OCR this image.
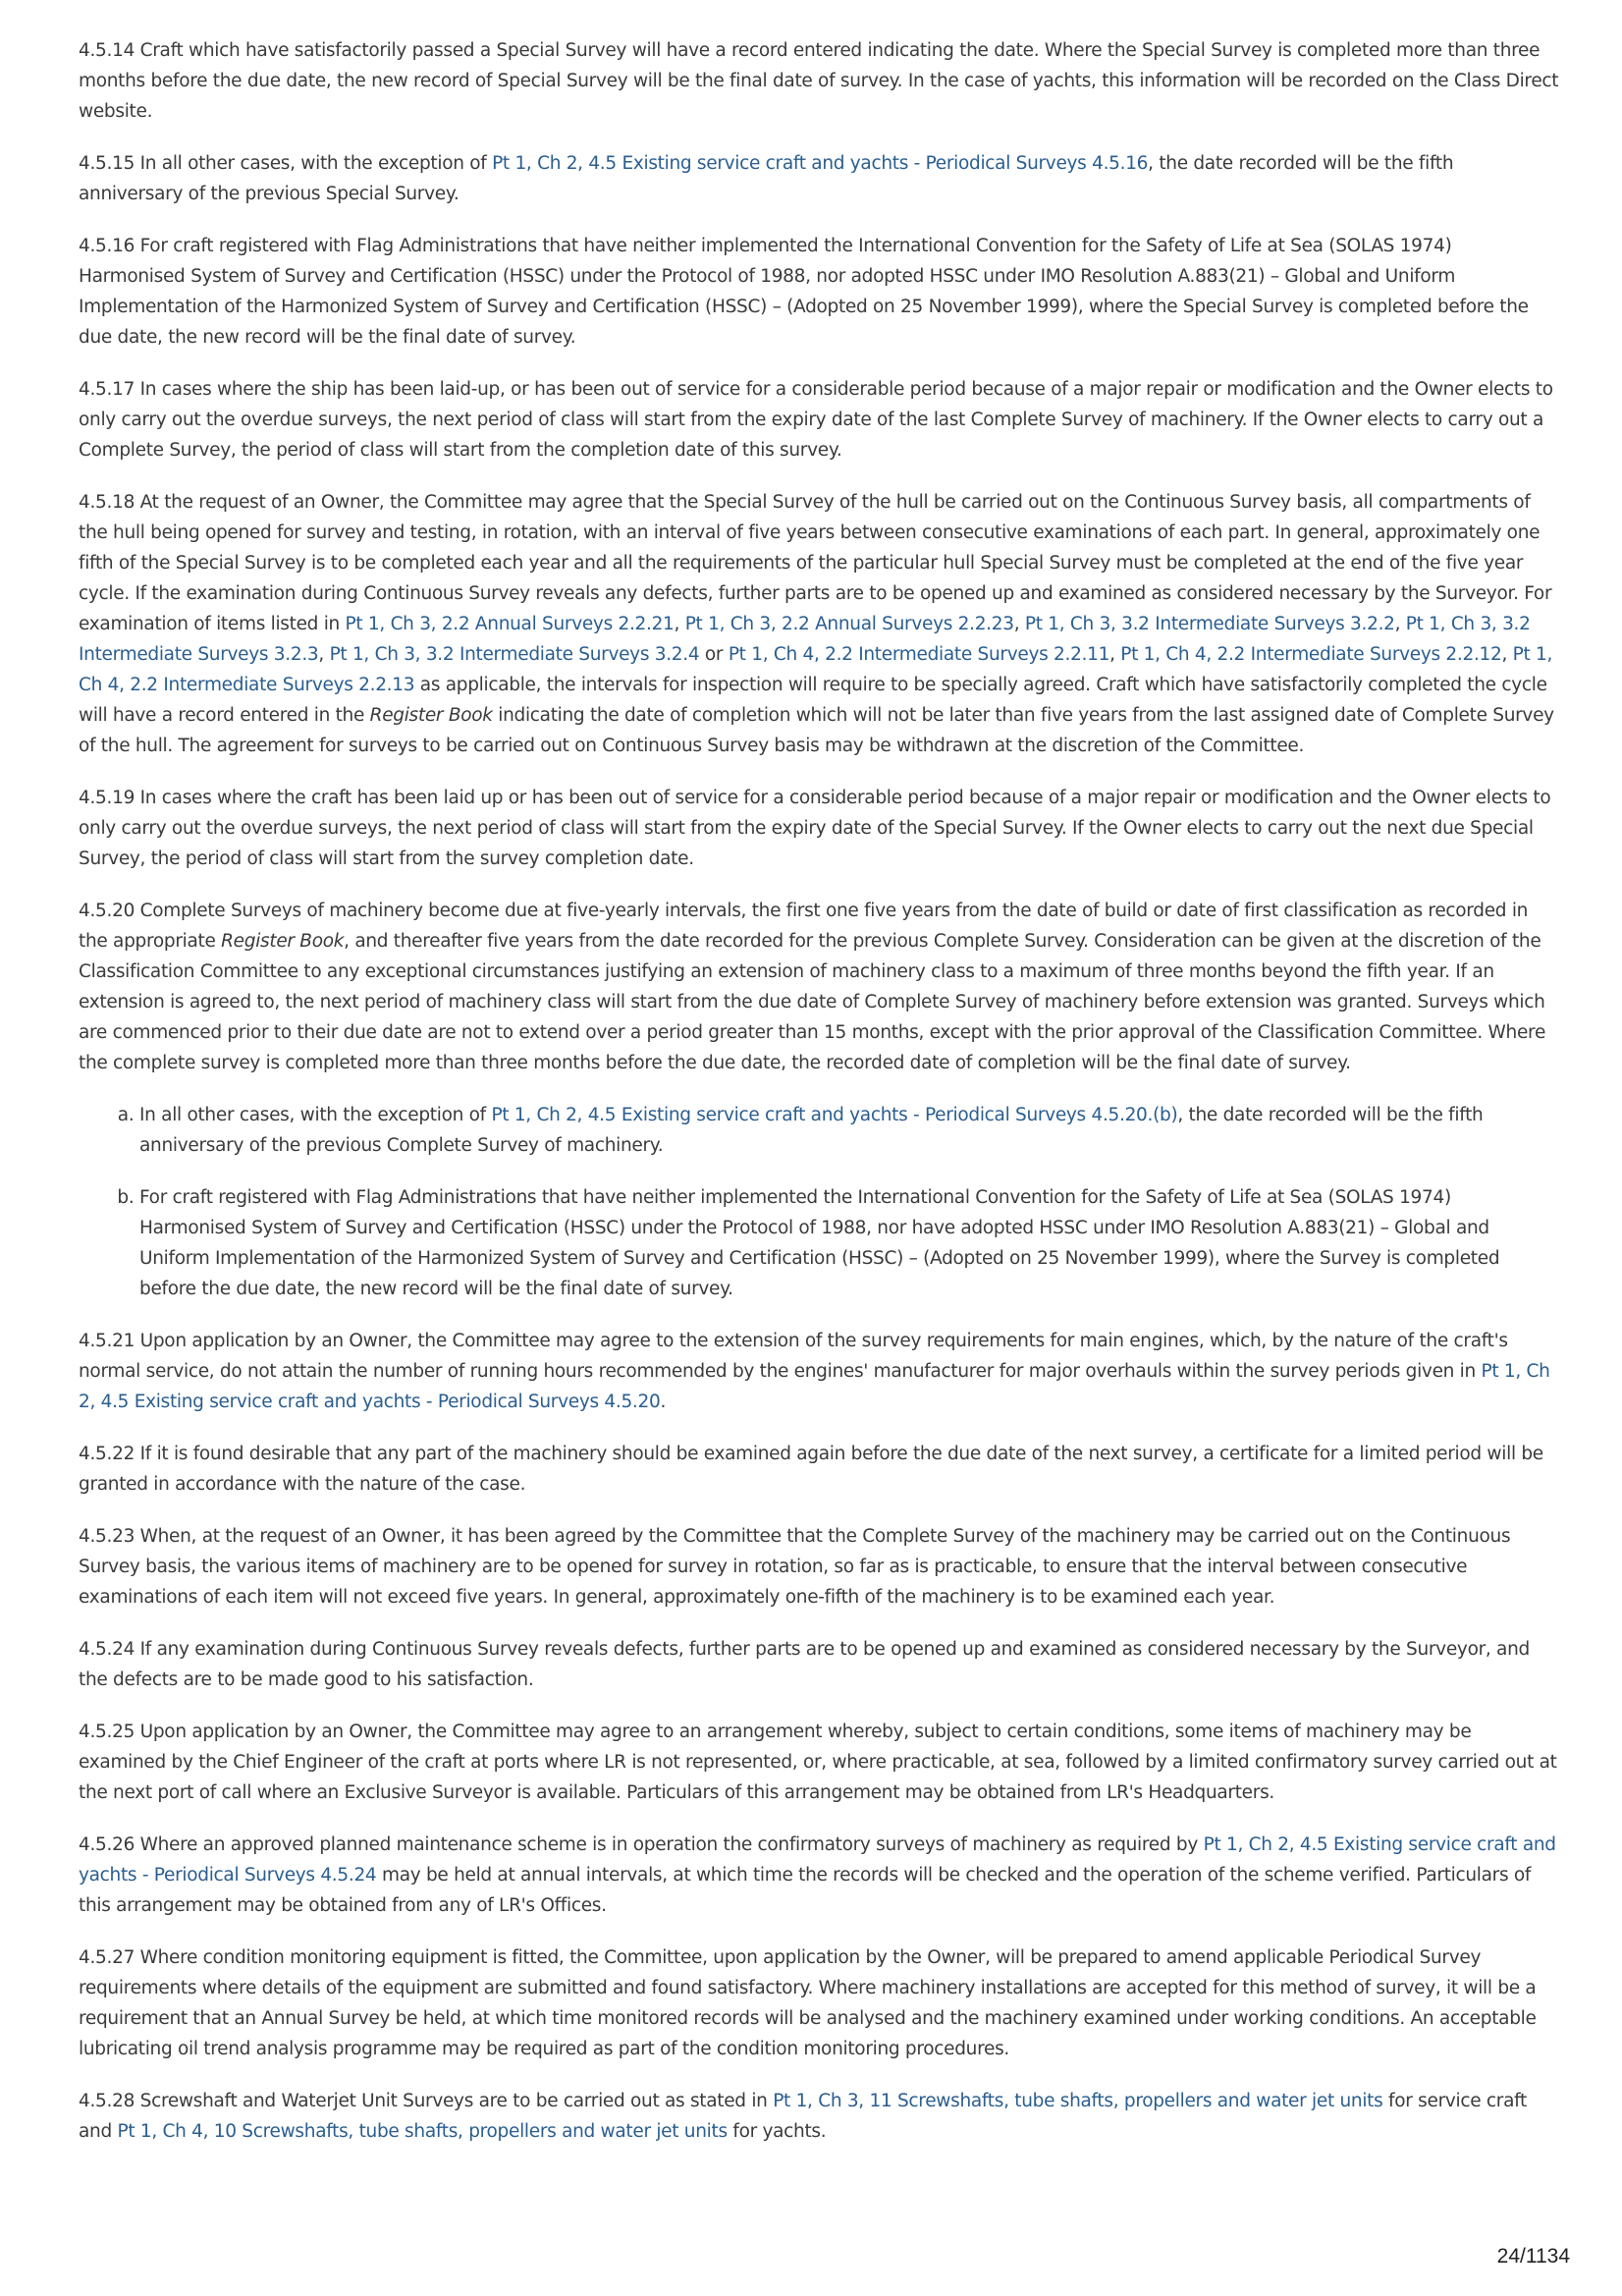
4.5.14 Craft which have satisfactorily passed a Special Survey will have a record entered indicating the date. Where the Special Survey is completed more than three months before the due date, the new record of Special Survey will be the final date of survey. In the case of yachts, this information will be recorded on the Class Direct website.

4.5.15 In all other cases, with the exception of Pt 1, Ch 2, 4.5 Existing service craft and yachts - Periodical Surveys 4.5.16, the date recorded will be the fifth anniversary of the previous Special Survey.

4.5.16 For craft registered with Flag Administrations that have neither implemented the International Convention for the Safety of Life at Sea (SOLAS 1974) Harmonised System of Survey and Certification (HSSC) under the Protocol of 1988, nor adopted HSSC under IMO Resolution A.883(21) – Global and Uniform Implementation of the Harmonized System of Survey and Certification (HSSC) – (Adopted on 25 November 1999), where the Special Survey is completed before the due date, the new record will be the final date of survey.

4.5.17 In cases where the ship has been laid-up, or has been out of service for a considerable period because of a major repair or modification and the Owner elects to only carry out the overdue surveys, the next period of class will start from the expiry date of the last Complete Survey of machinery. If the Owner elects to carry out a Complete Survey, the period of class will start from the completion date of this survey.

4.5.18 At the request of an Owner, the Committee may agree that the Special Survey of the hull be carried out on the Continuous Survey basis, all compartments of the hull being opened for survey and testing, in rotation, with an interval of five years between consecutive examinations of each part. In general, approximately one fifth of the Special Survey is to be completed each year and all the requirements of the particular hull Special Survey must be completed at the end of the five year cycle. If the examination during Continuous Survey reveals any defects, further parts are to be opened up and examined as considered necessary by the Surveyor. For examination of items listed in Pt 1, Ch 3, 2.2 Annual Surveys 2.2.21, Pt 1, Ch 3, 2.2 Annual Surveys 2.2.23, Pt 1, Ch 3, 3.2 Intermediate Surveys 3.2.2, Pt 1, Ch 3, 3.2 Intermediate Surveys 3.2.3, Pt 1, Ch 3, 3.2 Intermediate Surveys 3.2.4 or Pt 1, Ch 4, 2.2 Intermediate Surveys 2.2.11, Pt 1, Ch 4, 2.2 Intermediate Surveys 2.2.12, Pt 1, Ch 4, 2.2 Intermediate Surveys 2.2.13 as applicable, the intervals for inspection will require to be specially agreed. Craft which have satisfactorily completed the cycle will have a record entered in the Register Book indicating the date of completion which will not be later than five years from the last assigned date of Complete Survey of the hull. The agreement for surveys to be carried out on Continuous Survey basis may be withdrawn at the discretion of the Committee.

4.5.19 In cases where the craft has been laid up or has been out of service for a considerable period because of a major repair or modification and the Owner elects to only carry out the overdue surveys, the next period of class will start from the expiry date of the Special Survey. If the Owner elects to carry out the next due Special Survey, the period of class will start from the survey completion date.

4.5.20 Complete Surveys of machinery become due at five-yearly intervals, the first one five years from the date of build or date of first classification as recorded in the appropriate Register Book, and thereafter five years from the date recorded for the previous Complete Survey. Consideration can be given at the discretion of the Classification Committee to any exceptional circumstances justifying an extension of machinery class to a maximum of three months beyond the fifth year. If an extension is agreed to, the next period of machinery class will start from the due date of Complete Survey of machinery before extension was granted. Surveys which are commenced prior to their due date are not to extend over a period greater than 15 months, except with the prior approval of the Classification Committee. Where the complete survey is completed more than three months before the due date, the recorded date of completion will be the final date of survey.

a. In all other cases, with the exception of Pt 1, Ch 2, 4.5 Existing service craft and yachts - Periodical Surveys 4.5.20.(b), the date recorded will be the fifth anniversary of the previous Complete Survey of machinery.
b. For craft registered with Flag Administrations that have neither implemented the International Convention for the Safety of Life at Sea (SOLAS 1974) Harmonised System of Survey and Certification (HSSC) under the Protocol of 1988, nor have adopted HSSC under IMO Resolution A.883(21) – Global and Uniform Implementation of the Harmonized System of Survey and Certification (HSSC) – (Adopted on 25 November 1999), where the Survey is completed before the due date, the new record will be the final date of survey.

4.5.21 Upon application by an Owner, the Committee may agree to the extension of the survey requirements for main engines, which, by the nature of the craft's normal service, do not attain the number of running hours recommended by the engines' manufacturer for major overhauls within the survey periods given in Pt 1, Ch 2, 4.5 Existing service craft and yachts - Periodical Surveys 4.5.20.

4.5.22 If it is found desirable that any part of the machinery should be examined again before the due date of the next survey, a certificate for a limited period will be granted in accordance with the nature of the case.

4.5.23 When, at the request of an Owner, it has been agreed by the Committee that the Complete Survey of the machinery may be carried out on the Continuous Survey basis, the various items of machinery are to be opened for survey in rotation, so far as is practicable, to ensure that the interval between consecutive examinations of each item will not exceed five years. In general, approximately one-fifth of the machinery is to be examined each year.

4.5.24 If any examination during Continuous Survey reveals defects, further parts are to be opened up and examined as considered necessary by the Surveyor, and the defects are to be made good to his satisfaction.

4.5.25 Upon application by an Owner, the Committee may agree to an arrangement whereby, subject to certain conditions, some items of machinery may be examined by the Chief Engineer of the craft at ports where LR is not represented, or, where practicable, at sea, followed by a limited confirmatory survey carried out at the next port of call where an Exclusive Surveyor is available. Particulars of this arrangement may be obtained from LR's Headquarters.

4.5.26 Where an approved planned maintenance scheme is in operation the confirmatory surveys of machinery as required by Pt 1, Ch 2, 4.5 Existing service craft and yachts - Periodical Surveys 4.5.24 may be held at annual intervals, at which time the records will be checked and the operation of the scheme verified. Particulars of this arrangement may be obtained from any of LR's Offices.

4.5.27 Where condition monitoring equipment is fitted, the Committee, upon application by the Owner, will be prepared to amend applicable Periodical Survey requirements where details of the equipment are submitted and found satisfactory. Where machinery installations are accepted for this method of survey, it will be a requirement that an Annual Survey be held, at which time monitored records will be analysed and the machinery examined under working conditions. An acceptable lubricating oil trend analysis programme may be required as part of the condition monitoring procedures.

4.5.28 Screwshaft and Waterjet Unit Surveys are to be carried out as stated in Pt 1, Ch 3, 11 Screwshafts, tube shafts, propellers and water jet units for service craft and Pt 1, Ch 4, 10 Screwshafts, tube shafts, propellers and water jet units for yachts.

24/1134
